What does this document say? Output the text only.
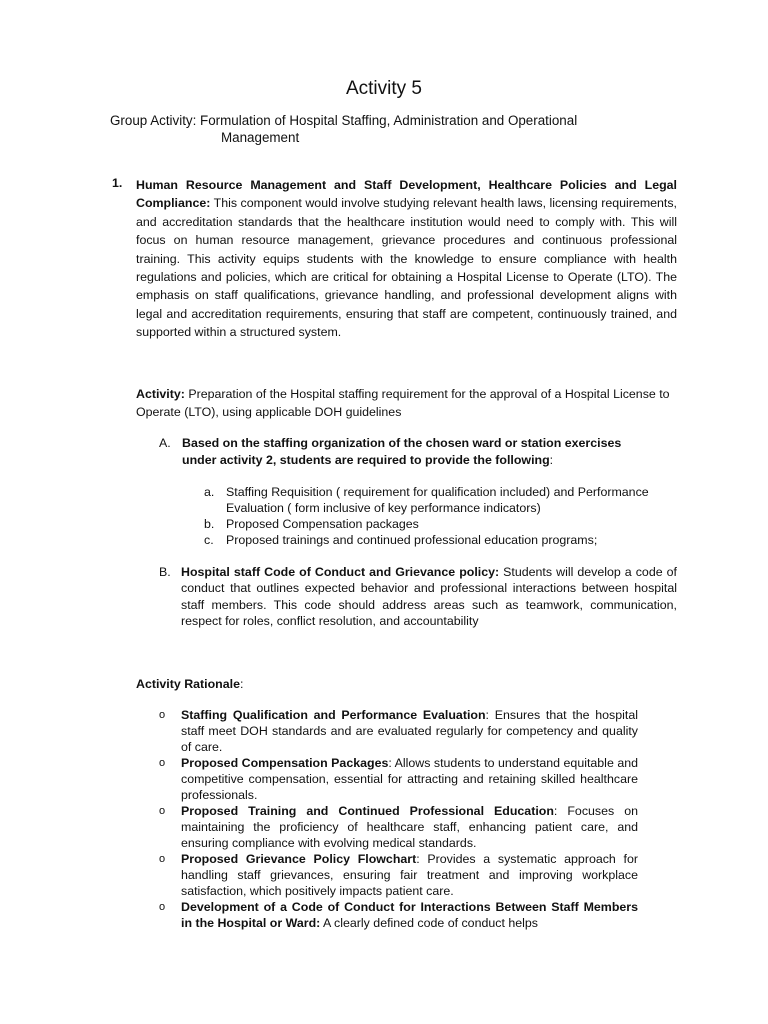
Activity 5
Group Activity: Formulation of Hospital Staffing, Administration and Operational
Management
1. Human Resource Management and Staff Development, Healthcare Policies and Legal Compliance: This component would involve studying relevant health laws, licensing requirements, and accreditation standards that the healthcare institution would need to comply with. This will focus on human resource management, grievance procedures and continuous professional training. This activity equips students with the knowledge to ensure compliance with health regulations and policies, which are critical for obtaining a Hospital License to Operate (LTO). The emphasis on staff qualifications, grievance handling, and professional development aligns with legal and accreditation requirements, ensuring that staff are competent, continuously trained, and supported within a structured system.
Activity: Preparation of the Hospital staffing requirement for the approval of a Hospital License to Operate (LTO), using applicable DOH guidelines
A. Based on the staffing organization of the chosen ward or station exercises under activity 2, students are required to provide the following:
a. Staffing Requisition ( requirement for qualification included) and Performance Evaluation ( form inclusive of key performance indicators)
b. Proposed Compensation packages
c. Proposed trainings and continued professional education programs;
B. Hospital staff Code of Conduct and Grievance policy: Students will develop a code of conduct that outlines expected behavior and professional interactions between hospital staff members. This code should address areas such as teamwork, communication, respect for roles, conflict resolution, and accountability
Activity Rationale:
o Staffing Qualification and Performance Evaluation: Ensures that the hospital staff meet DOH standards and are evaluated regularly for competency and quality of care.
o Proposed Compensation Packages: Allows students to understand equitable and competitive compensation, essential for attracting and retaining skilled healthcare professionals.
o Proposed Training and Continued Professional Education: Focuses on maintaining the proficiency of healthcare staff, enhancing patient care, and ensuring compliance with evolving medical standards.
o Proposed Grievance Policy Flowchart: Provides a systematic approach for handling staff grievances, ensuring fair treatment and improving workplace satisfaction, which positively impacts patient care.
o Development of a Code of Conduct for Interactions Between Staff Members in the Hospital or Ward: A clearly defined code of conduct helps
